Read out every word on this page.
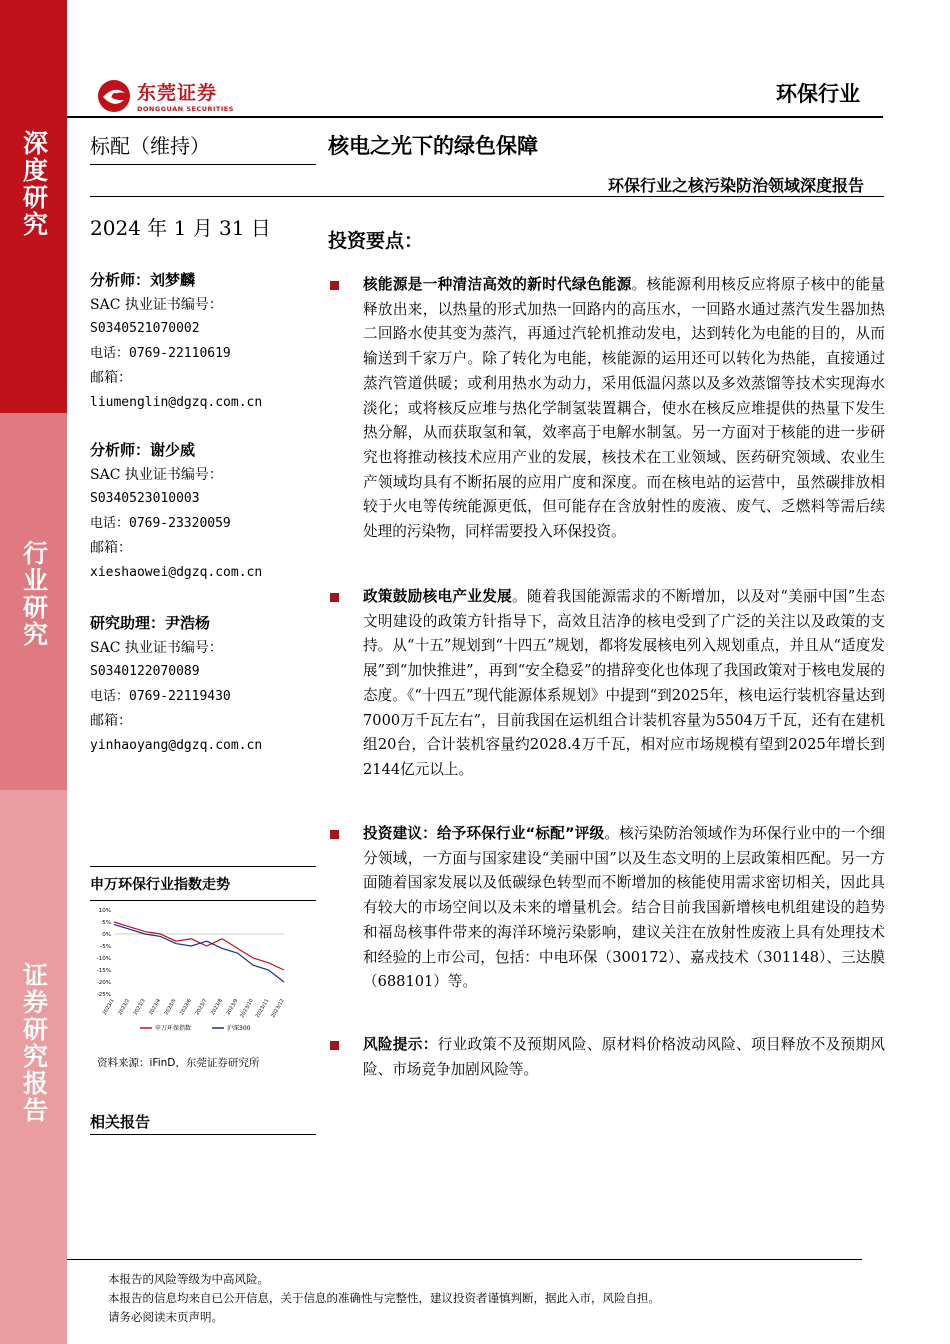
深度研究
行业研究
证券研究报告
东莞证券
DONGGUAN SECURITIES
环保行业
标配（维持）	核电之光下的绿色保障
环保行业之核污染防治领域深度报告
2024 年 1 月 31 日
分析师：刘梦麟
SAC 执业证书编号：
S0340521070002
电话：0769-22110619
邮箱：
liumenglin@dgzq.com.cn
分析师：谢少威
SAC 执业证书编号：
S0340523010003
电话：0769-23320059
邮箱：
xieshaowei@dgzq.com.cn
研究助理：尹浩杨
SAC 执业证书编号：
S0340122070089
电话：0769-22119430
邮箱：
yinhaoyang@dgzq.com.cn
申万环保行业指数走势
10%
5%
0%
-5%
-10%
-15%
-20%
-25%
2023/1 2023/2 2023/3 2023/4 2023/5 2023/6 2023/7 2023/8 2023/9 2023/10 2023/11 2023/12
申万环保指数	沪深300
资料来源：iFinD，东莞证券研究所
相关报告
投资要点：
核能源是一种清洁高效的新时代绿色能源。核能源利用核反应将原子核中的能量释放出来，以热量的形式加热一回路内的高压水，一回路水通过蒸汽发生器加热二回路水使其变为蒸汽，再通过汽轮机推动发电，达到转化为电能的目的，从而输送到千家万户。除了转化为电能，核能源的运用还可以转化为热能，直接通过蒸汽管道供暖；或利用热水为动力，采用低温闪蒸以及多效蒸馏等技术实现海水淡化；或将核反应堆与热化学制氢装置耦合，使水在核反应堆提供的热量下发生热分解，从而获取氢和氧，效率高于电解水制氢。另一方面对于核能的进一步研究也将推动核技术应用产业的发展，核技术在工业领域、医药研究领域、农业生产领域均具有不断拓展的应用广度和深度。而在核电站的运营中，虽然碳排放相较于火电等传统能源更低，但可能存在含放射性的废液、废气、乏燃料等需后续处理的污染物，同样需要投入环保投资。
政策鼓励核电产业发展。随着我国能源需求的不断增加，以及对“美丽中国”生态文明建设的政策方针指导下，高效且洁净的核电受到了广泛的关注以及政策的支持。从“十五”规划到“十四五”规划，都将发展核电列入规划重点，并且从“适度发展”到“加快推进”，再到“安全稳妥”的措辞变化也体现了我国政策对于核电发展的态度。《“十四五”现代能源体系规划》中提到“到2025年，核电运行装机容量达到7000万千瓦左右”，目前我国在运机组合计装机容量为5504万千瓦，还有在建机组20台，合计装机容量约2028.4万千瓦，相对应市场规模有望到2025年增长到2144亿元以上。
投资建议：给予环保行业“标配”评级。核污染防治领域作为环保行业中的一个细分领域，一方面与国家建设“美丽中国”以及生态文明的上层政策相匹配。另一方面随着国家发展以及低碳绿色转型而不断增加的核能使用需求密切相关，因此具有较大的市场空间以及未来的增量机会。结合目前我国新增核电机组建设的趋势和福岛核事件带来的海洋环境污染影响，建议关注在放射性废液上具有处理技术和经验的上市公司，包括：中电环保（300172）、嘉戎技术（301148）、三达膜（688101）等。
风险提示：行业政策不及预期风险、原材料价格波动风险、项目释放不及预期风险、市场竞争加剧风险等。
本报告的风险等级为中高风险。
本报告的信息均来自已公开信息，关于信息的准确性与完整性，建议投资者谨慎判断，据此入市，风险自担。
请务必阅读末页声明。
